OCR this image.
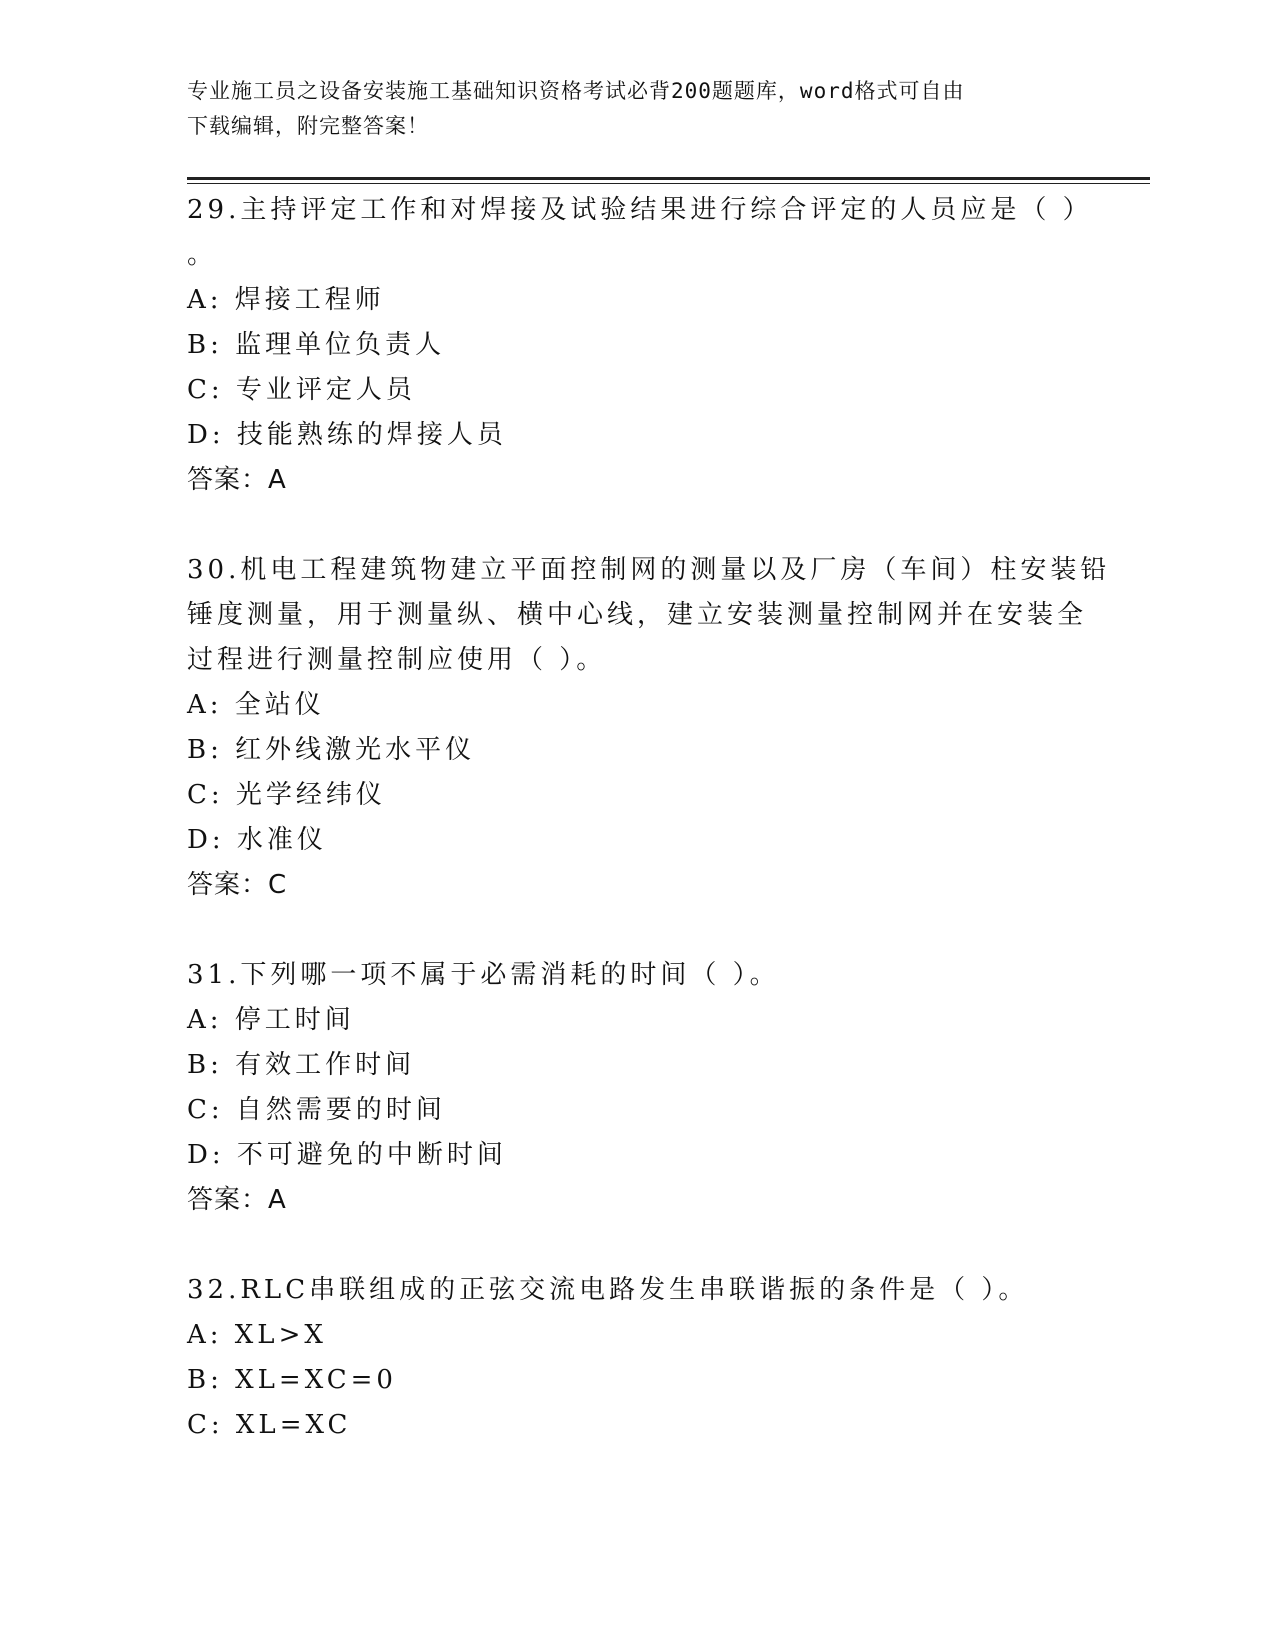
专业施工员之设备安装施工基础知识资格考试必背200题题库，word格式可自由
下载编辑，附完整答案！
29.主持评定工作和对焊接及试验结果进行综合评定的人员应是（ ）
。
A: 焊接工程师
B: 监理单位负责人
C: 专业评定人员
D: 技能熟练的焊接人员
答案：A
30.机电工程建筑物建立平面控制网的测量以及厂房（车间）柱安装铅
锤度测量，用于测量纵、横中心线，建立安装测量控制网并在安装全
过程进行测量控制应使用（ ）。
A: 全站仪
B: 红外线激光水平仪
C: 光学经纬仪
D: 水准仪
答案：C
31.下列哪一项不属于必需消耗的时间（ ）。
A: 停工时间
B: 有效工作时间
C: 自然需要的时间
D: 不可避免的中断时间
答案：A
32.RLC串联组成的正弦交流电路发生串联谐振的条件是（ ）。
A: XL>X
B: XL=XC=0
C: XL=XC
